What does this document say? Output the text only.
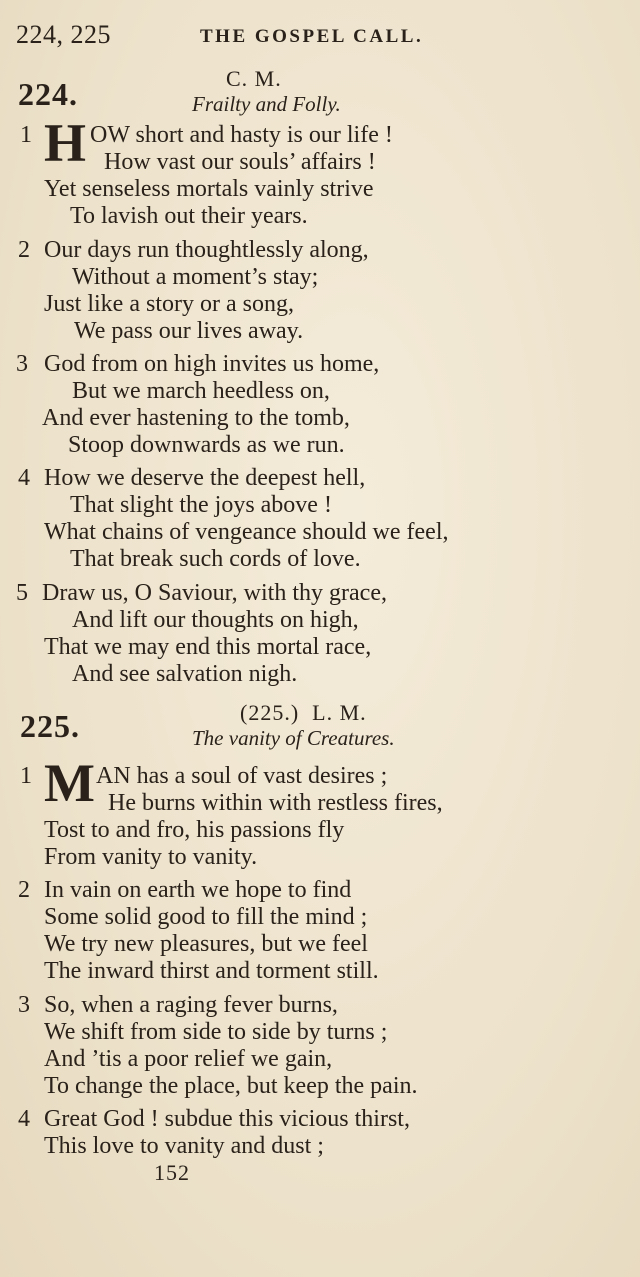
224, 225	THE GOSPEL CALL.
224.	C. M.
Frailty and Folly.
1 H OW short and hasty is our life !
How vast our souls’ affairs !
Yet senseless mortals vainly strive
To lavish out their years.
2 Our days run thoughtlessly along,
Without a moment’s stay;
Just like a story or a song,
We pass our lives away.
3 God from on high invites us home,
But we march heedless on,
And ever hastening to the tomb,
Stoop downwards as we run.
4 How we deserve the deepest hell,
That slight the joys above !
What chains of vengeance should we feel,
That break such cords of love.
5 Draw us, O Saviour, with thy grace,
And lift our thoughts on high,
That we may end this mortal race,
And see salvation nigh.
225.	(225.)  L. M.
The vanity of Creatures.
1 M AN has a soul of vast desires ;
He burns within with restless fires,
Tost to and fro, his passions fly
From vanity to vanity.
2 In vain on earth we hope to find
Some solid good to fill the mind ;
We try new pleasures, but we feel
The inward thirst and torment still.
3 So, when a raging fever burns,
We shift from side to side by turns ;
And ’tis a poor relief we gain,
To change the place, but keep the pain.
4 Great God ! subdue this vicious thirst,
This love to vanity and dust ;
152
